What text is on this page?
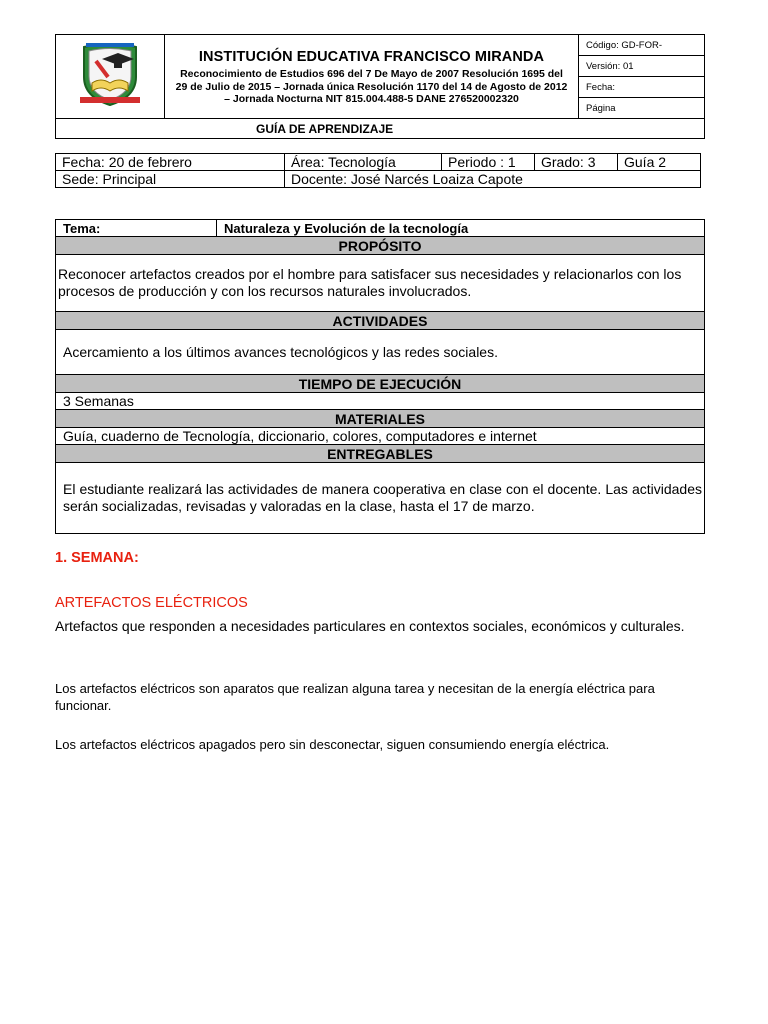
INSTITUCIÓN EDUCATIVA FRANCISCO MIRANDA
Reconocimiento de Estudios 696 del 7 De Mayo de 2007 Resolución 1695 del 29 de Julio de 2015 – Jornada única Resolución 1170 del 14 de Agosto de 2012 – Jornada Nocturna NIT 815.004.488-5 DANE 276520002320
	Código: GD-FOR-
Versión: 01
Fecha:
Página
GUÍA DE APRENDIZAJE
Fecha: 20 de febrero	Área: Tecnología	Periodo : 1	Grado: 3	Guía 2
Sede: Principal	Docente: José Narcés Loaiza Capote			
Tema:	Naturaleza y Evolución de la tecnología
PROPÓSITO
Reconocer artefactos creados por el hombre para satisfacer sus necesidades y relacionarlos con los procesos de producción y con los recursos naturales involucrados.
ACTIVIDADES
Acercamiento a los últimos avances tecnológicos y las redes sociales.
TIEMPO DE EJECUCIÓN
3 Semanas
MATERIALES
Guía, cuaderno de Tecnología, diccionario, colores, computadores e internet
ENTREGABLES
El estudiante realizará las actividades de manera cooperativa en clase con el docente. Las actividades serán socializadas, revisadas y valoradas en la clase, hasta el 17 de marzo.
1. SEMANA:
ARTEFACTOS ELÉCTRICOS
Artefactos que responden a necesidades particulares en contextos sociales, económicos y culturales.
Los artefactos eléctricos son aparatos que realizan alguna tarea y necesitan de la energía eléctrica para funcionar.
Los artefactos eléctricos apagados pero sin desconectar, siguen consumiendo energía eléctrica.
